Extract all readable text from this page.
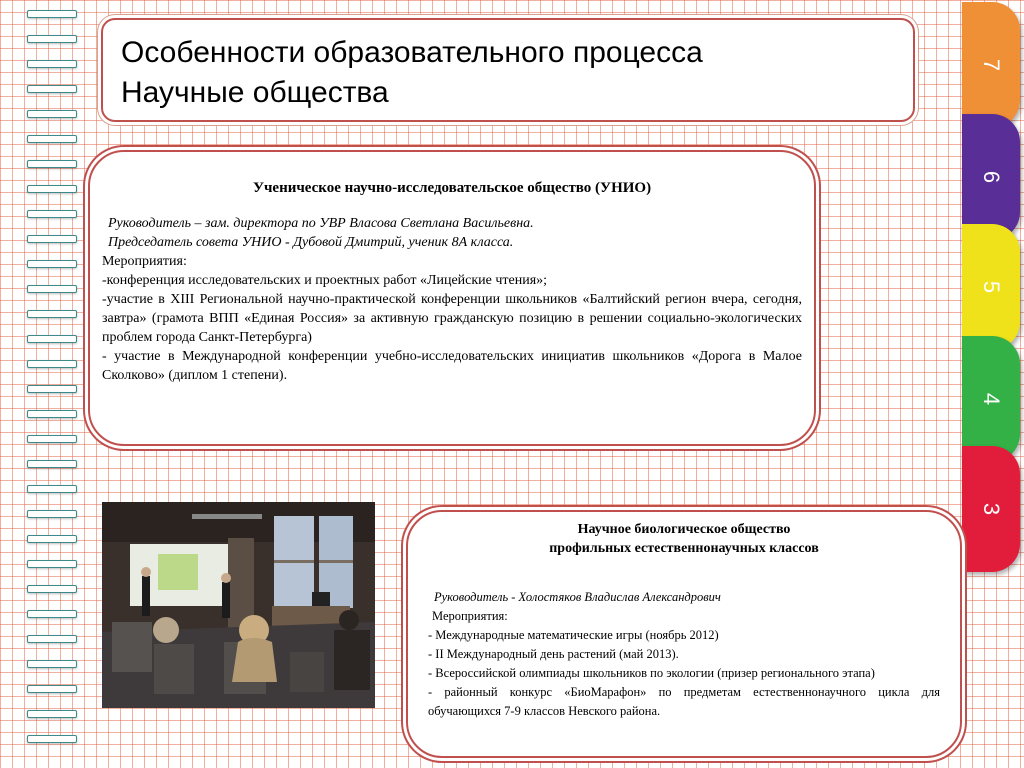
7
6
5
4
3
Особенности образовательного процесса
Научные общества
Ученическое научно-исследовательское общество (УНИО)

Руководитель – зам. директора по УВР Власова Светлана Васильевна.

Председатель совета УНИО - Дубовой Дмитрий, ученик 8А класса.

Мероприятия:

-конференция исследовательских и проектных работ «Лицейские чтения»;

-участие в XIII Региональной научно-практической конференции школьников «Балтийский регион вчера, сегодня, завтра» (грамота ВПП «Единая Россия» за активную гражданскую позицию в решении социально-экологических проблем города Санкт-Петербурга)

- участие в Международной конференции учебно-исследовательских инициатив школьников «Дорога в Малое Сколково» (диплом 1 степени).

Научное биологическое общество
профильных естественнонаучных классов
Руководитель - Холостяков Владислав Александрович
Мероприятия:
- Международные математические игры (ноябрь 2012)
- II Международный день растений (май 2013).
- Всероссийской олимпиады школьников по экологии (призер регионального этапа)
- районный конкурс «БиоМарафон» по предметам естественнонаучного цикла для обучающихся 7-9 классов Невского района.
